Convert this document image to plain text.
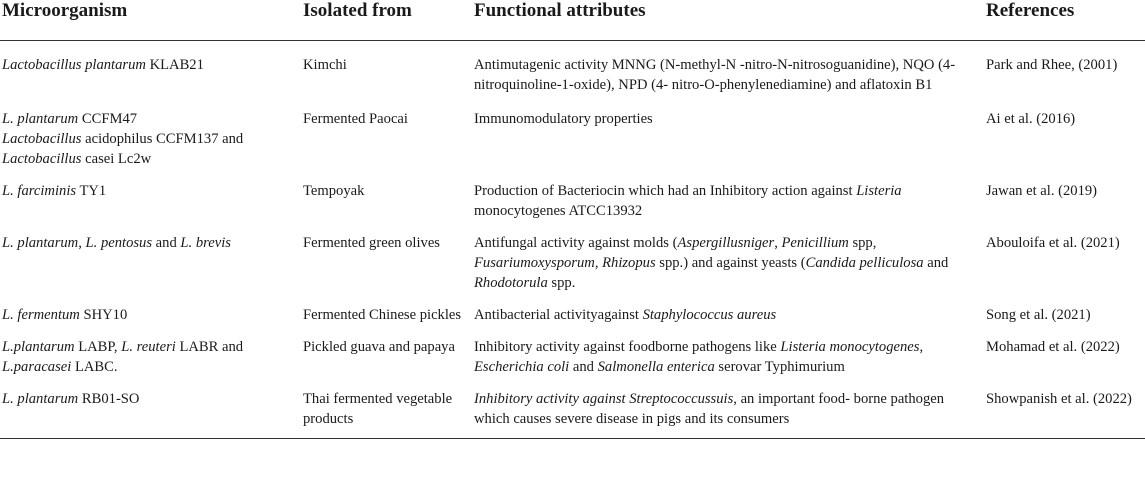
Microorganism	Isolated from	Functional attributes	References

Lactobacillus plantarum KLAB21	Kimchi	Antimutagenic activity MNNG (N-methyl-N -nitro-N-nitrosoguanidine), NQO (4-nitroquinoline-1-oxide), NPD (4- nitro-O-phenylenediamine) and aflatoxin B1	Park and Rhee, (2001)

L. plantarum CCFM47
Lactobacillus acidophilus CCFM137 and
Lactobacillus casei Lc2w	Fermented Paocai	Immunomodulatory properties	Ai et al. (2016)

L. farciminis TY1	Tempoyak	Production of Bacteriocin which had an Inhibitory action against Listeria monocytogenes ATCC13932	Jawan et al. (2019)

L. plantarum, L. pentosus and L. brevis	Fermented green olives	Antifungal activity against molds (Aspergillusniger, Penicillium spp, Fusariumoxysporum, Rhizopus spp.) and against yeasts (Candida pelliculosa and Rhodotorula spp.	Abouloifa et al. (2021)

L. fermentum SHY10	Fermented Chinese pickles	Antibacterial activityagainst Staphylococcus aureus	Song et al. (2021)

L.plantarum LABP, L. reuteri LABR and
L.paracasei LABC.	Pickled guava and papaya	Inhibitory activity against foodborne pathogens like Listeria monocytogenes, Escherichia coli and Salmonella enterica serovar Typhimurium	Mohamad et al. (2022)

L. plantarum RB01-SO	Thai fermented vegetable products	Inhibitory activity against Streptococcussuis, an important food- borne pathogen which causes severe disease in pigs and its consumers	Showpanish et al. (2022)
